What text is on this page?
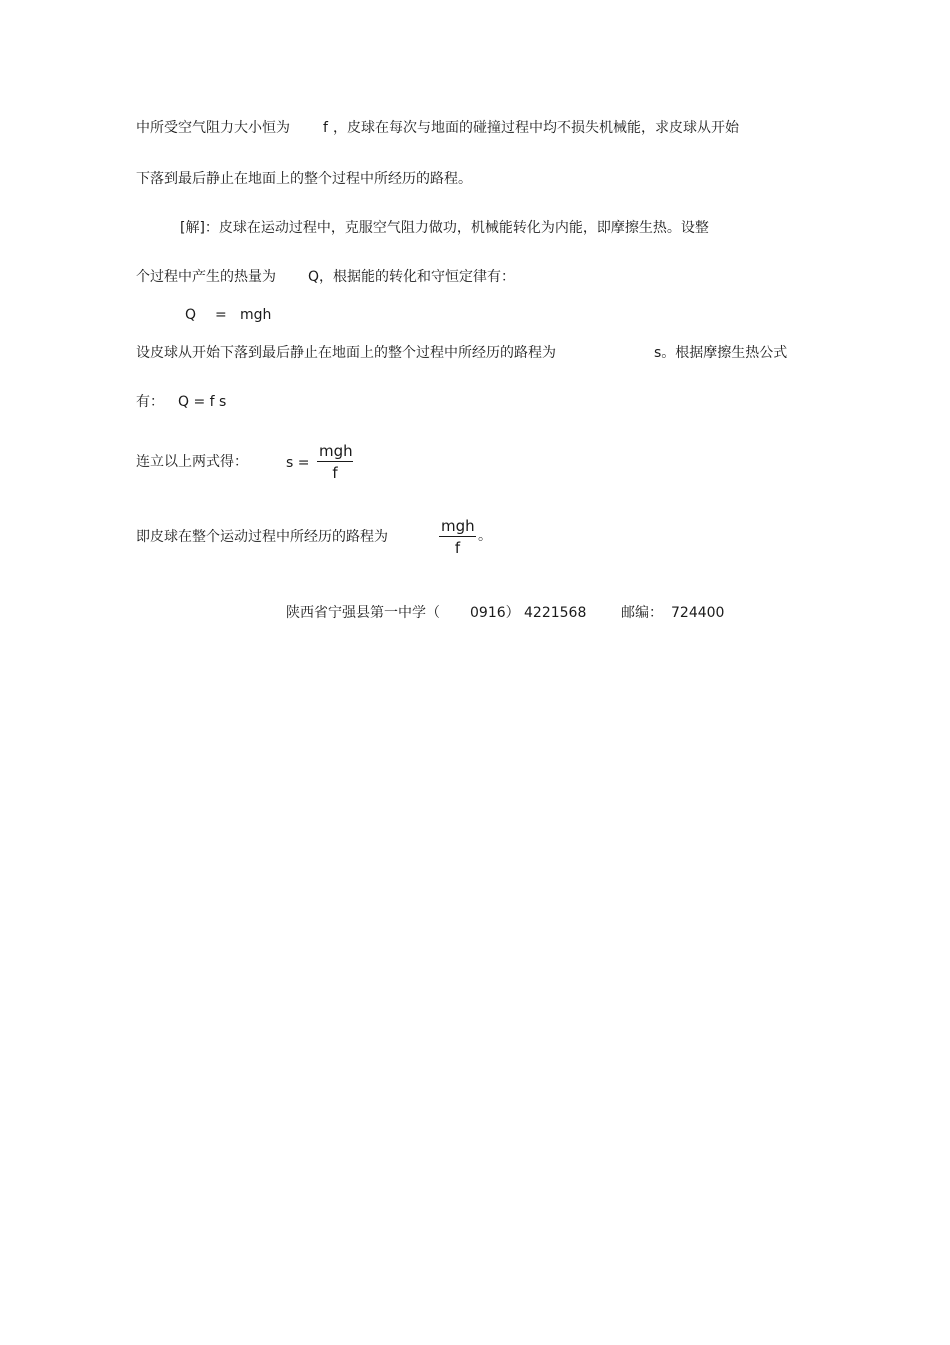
中所受空气阻力大小恒为 f ，皮球在每次与地面的碰撞过程中均不损失机械能，求皮球从开始
下落到最后静止在地面上的整个过程中所经历的路程。
[解]：皮球在运动过程中，克服空气阻力做功，机械能转化为内能，即摩擦生热。设整
个过程中产生的热量为 Q，根据能的转化和守恒定律有：
Q = mgh
设皮球从开始下落到最后静止在地面上的整个过程中所经历的路程为	s。根据摩擦生热公式
有： Q = f s
连立以上两式得：	s =
mgh
f
即皮球在整个运动过程中所经历的路程为
mgh
f
。
陕西省宁强县第一中学（ 0916） 4221568 邮编： 724400
